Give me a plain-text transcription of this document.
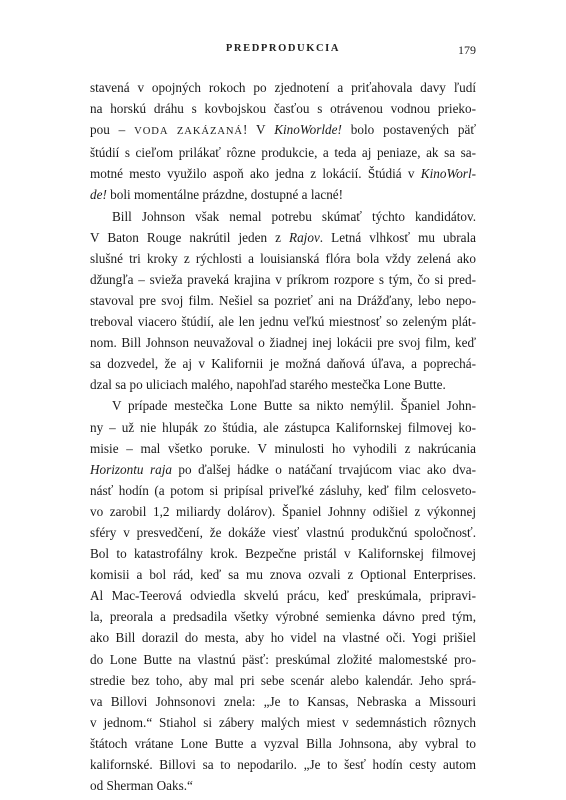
PREDPRODUKCIA	179
stavená v opojných rokoch po zjednotení a priťahovala davy ľudí
na horskú dráhu s kovbojskou časťou s otrávenou vodnou prieko-
pou – VODA ZAKÁZANÁ! V KinoWorlde! bolo postavených päť
štúdií s cieľom prilákať rôzne produkcie, a teda aj peniaze, ak sa sa-
motné mesto využilo aspoň ako jedna z lokácií. Štúdiá v KinoWorl-
de! boli momentálne prázdne, dostupné a lacné!
Bill Johnson však nemal potrebu skúmať týchto kandidátov.
V Baton Rouge nakrútil jeden z Rajov. Letná vlhkosť mu ubrala
slušné tri kroky z rýchlosti a louisianská flóra bola vždy zelená ako
džungľa – svieža praveká krajina v príkrom rozpore s tým, čo si pred-
stavoval pre svoj film. Nešiel sa pozrieť ani na Drážďany, lebo nepo-
treboval viacero štúdií, ale len jednu veľkú miestnosť so zeleným plát-
nom. Bill Johnson neuvažoval o žiadnej inej lokácii pre svoj film, keď
sa dozvedel, že aj v Kalifornii je možná daňová úľava, a poprechá-
dzal sa po uliciach malého, napohľad starého mestečka Lone Butte.
V prípade mestečka Lone Butte sa nikto nemýlil. Španiel John-
ny – už nie hlupák zo štúdia, ale zástupca Kalifornskej filmovej ko-
misie – mal všetko poruke. V minulosti ho vyhodili z nakrúcania
Horizontu raja po ďalšej hádke o natáčaní trvajúcom viac ako dva-
násť hodín (a potom si pripísal priveľké zásluhy, keď film celosveto-
vo zarobil 1,2 miliardy dolárov). Španiel Johnny odišiel z výkonnej
sféry v presvedčení, že dokáže viesť vlastnú produkčnú spoločnosť.
Bol to katastrofálny krok. Bezpečne pristál v Kalifornskej filmovej
komisii a bol rád, keď sa mu znova ozvali z Optional Enterprises.
Al Mac-Teerová odviedla skvelú prácu, keď preskúmala, pripravi-
la, preorala a predsadila všetky výrobné semienka dávno pred tým,
ako Bill dorazil do mesta, aby ho videl na vlastné oči. Yogi prišiel
do Lone Butte na vlastnú päsť: preskúmal zložité malomestské pro-
stredie bez toho, aby mal pri sebe scenár alebo kalendár. Jeho sprá-
va Billovi Johnsonovi znela: „Je to Kansas, Nebraska a Missouri
v jednom.“ Stiahol si zábery malých miest v sedemnástich rôznych
štátoch vrátane Lone Butte a vyzval Billa Johnsona, aby vybral to
kalifornské. Billovi sa to nepodarilo. „Je to šesť hodín cesty autom
od Sherman Oaks.“
